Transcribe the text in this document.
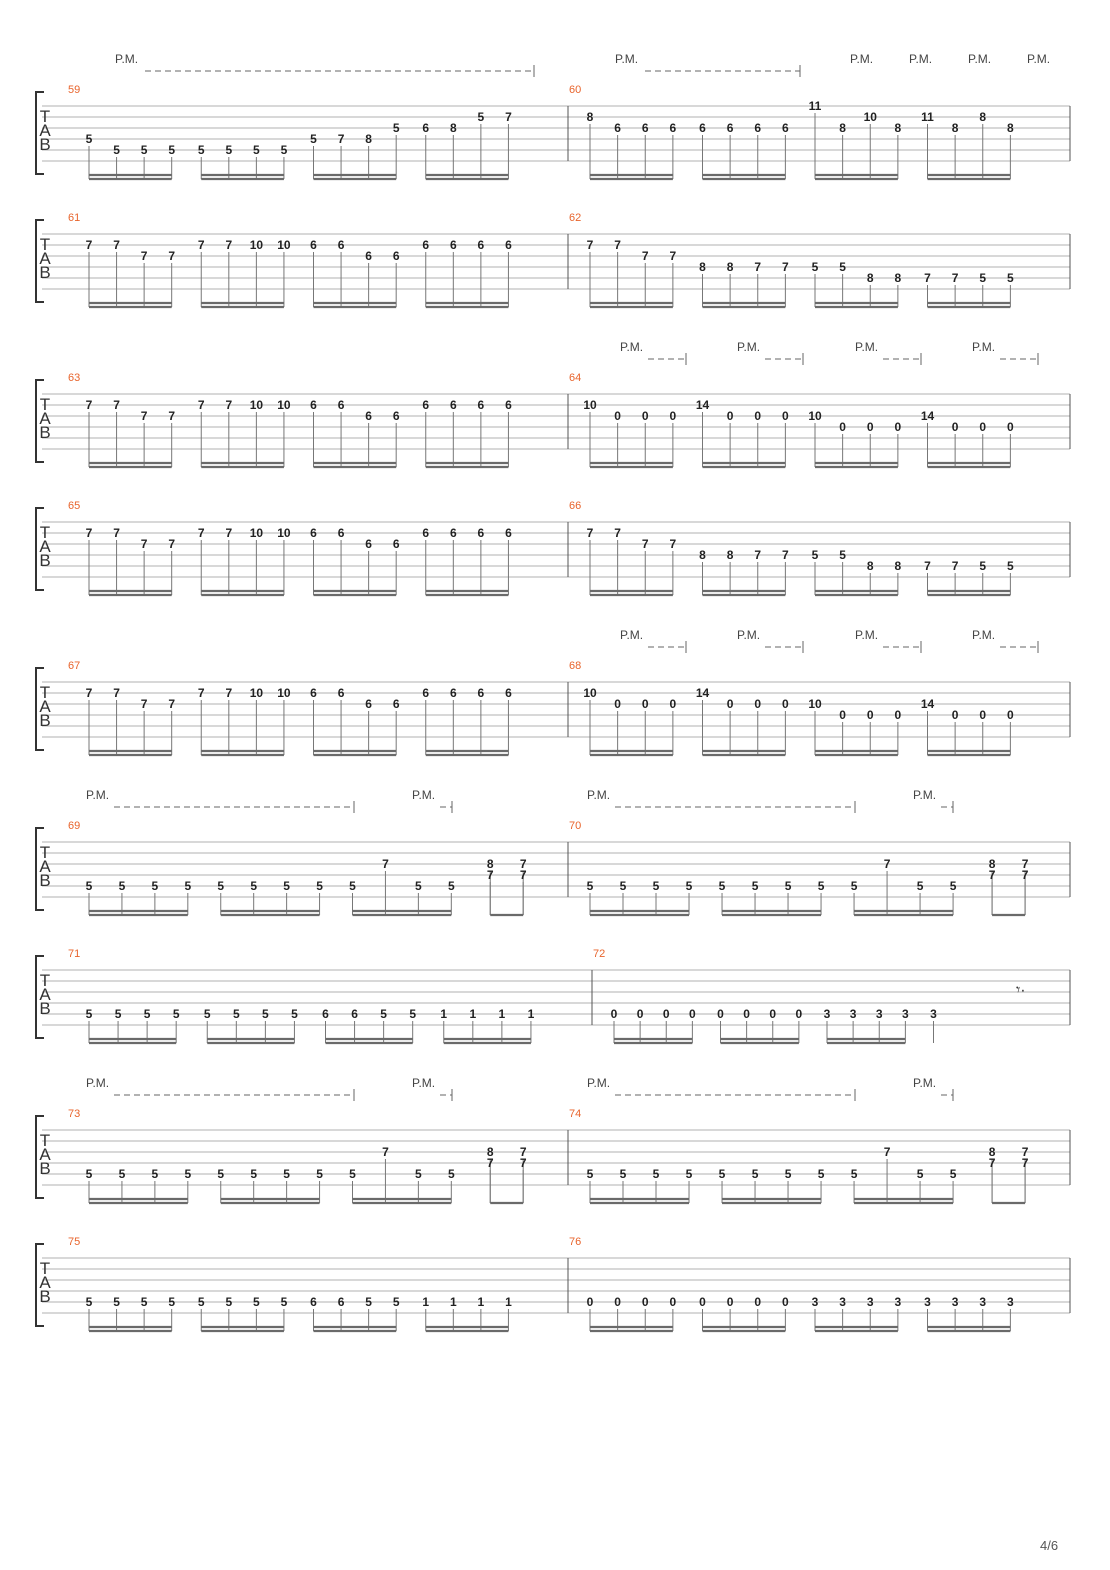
T
A
B
59
5
5 5 5 5 5 5 5
5 7 8
5 6 8
5 7
60
8
6 6 6 6 6 6 6
11
8
10
8
11
8
8
8
P.M.	P.M.	P.M.	P.M.	P.M.	P.M.
T
A
B
61
7 7
7 7
7 7 10 10 6 6
6 6
6 6 6 6
62
7 7
7 7
8 8 7 7 5 5
8 8 7 7 5 5
T
A
B
63
7 7
7 7
7 7 10 10 6 6
6 6
6 6 6 6
64
10
0 0 0
14
0 0 0 10
0 0 0
14
0 0 0
P.M.	P.M.	P.M.	P.M.
T
A
B
65
7 7
7 7
7 7 10 10 6 6
6 6
6 6 6 6
66
7 7
7 7
8 8 7 7 5 5
8 8 7 7 5 5
T
A
B
67
7 7
7 7
7 7 10 10 6 6
6 6
6 6 6 6
68
10
0 0 0
14
0 0 0 10
0 0 0
14
0 0 0
P.M.	P.M.	P.M.	P.M.
T
A
B
69
5 5 5 5 5 5 5 5 5
7
5 5
8
7
7
7
70
5 5 5 5 5 5 5 5 5
7
5 5
8
7
7
7
P.M.	P.M.
P.M.	P.M.
T
A
B
71
5 5 5 5 5 5 5 5 6 6 5 5 1 1 1 1
72
0 0 0 0 0 0 0 0 3 3 3 3 3
𝄾·
T
A
B
73
5 5 5 5 5 5 5 5 5
7
5 5
8
7
7
7
74
5 5 5 5 5 5 5 5 5
7
5 5
8
7
7
7
P.M.	P.M.
P.M.	P.M.
T
A
B
75
5 5 5 5 5 5 5 5 6 6 5 5 1 1 1 1
76
0 0 0 0 0 0 0 0 3 3 3 3 3 3 3 3
4/6
